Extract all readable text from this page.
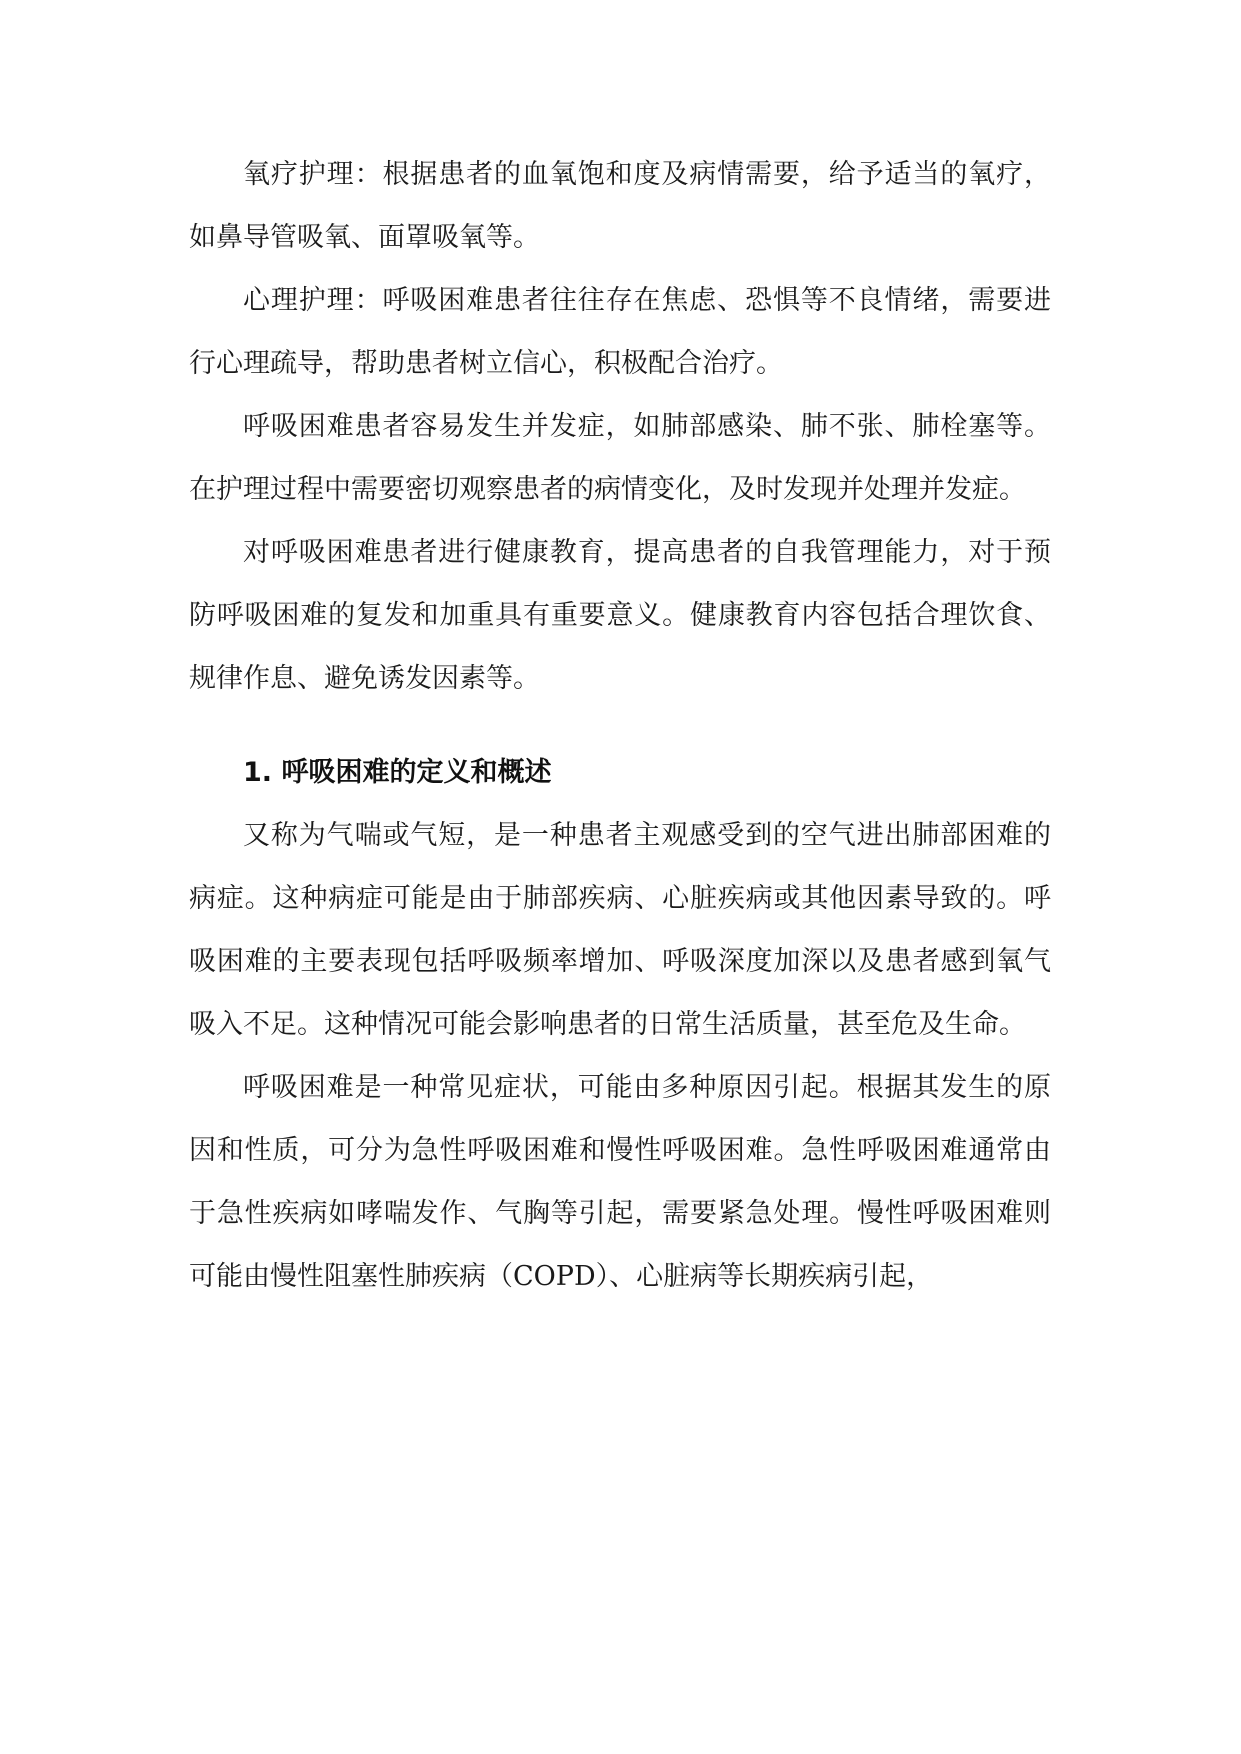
氧疗护理：根据患者的血氧饱和度及病情需要，给予适当的氧疗，如鼻导管吸氧、面罩吸氧等。

心理护理：呼吸困难患者往往存在焦虑、恐惧等不良情绪，需要进行心理疏导，帮助患者树立信心，积极配合治疗。

呼吸困难患者容易发生并发症，如肺部感染、肺不张、肺栓塞等。在护理过程中需要密切观察患者的病情变化，及时发现并处理并发症。

对呼吸困难患者进行健康教育，提高患者的自我管理能力，对于预防呼吸困难的复发和加重具有重要意义。健康教育内容包括合理饮食、规律作息、避免诱发因素等。

1. 呼吸困难的定义和概述

又称为气喘或气短，是一种患者主观感受到的空气进出肺部困难的病症。这种病症可能是由于肺部疾病、心脏疾病或其他因素导致的。呼吸困难的主要表现包括呼吸频率增加、呼吸深度加深以及患者感到氧气吸入不足。这种情况可能会影响患者的日常生活质量，甚至危及生命。

呼吸困难是一种常见症状，可能由多种原因引起。根据其发生的原因和性质，可分为急性呼吸困难和慢性呼吸困难。急性呼吸困难通常由于急性疾病如哮喘发作、气胸等引起，需要紧急处理。慢性呼吸困难则可能由慢性阻塞性肺疾病（COPD）、心脏病等长期疾病引起，
